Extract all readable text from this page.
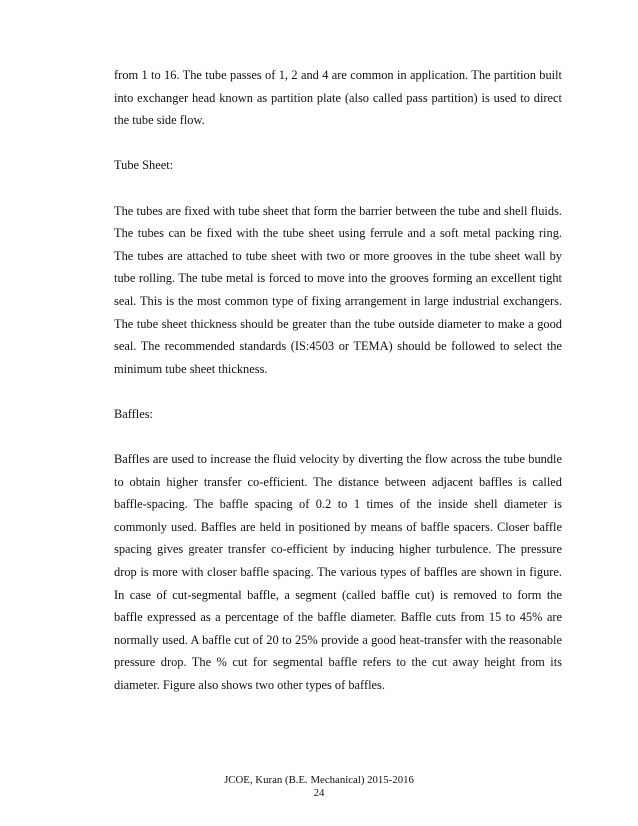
from 1 to 16. The tube passes of 1, 2 and 4 are common in application. The partition built
into exchanger head known as partition plate (also called pass partition) is used to direct
the tube side flow.

Tube Sheet:

The tubes are fixed with tube sheet that form the barrier between the tube and shell fluids.
The tubes can be fixed with the tube sheet using ferrule and a soft metal packing ring.
The tubes are attached to tube sheet with two or more grooves in the tube sheet wall by
tube rolling. The tube metal is forced to move into the grooves forming an excellent tight
seal. This is the most common type of fixing arrangement in large industrial exchangers.
The tube sheet thickness should be greater than the tube outside diameter to make a good
seal. The recommended standards (IS:4503 or TEMA) should be followed to select the
minimum tube sheet thickness.

Baffles:

Baffles are used to increase the fluid velocity by diverting the flow across the tube bundle
to obtain higher transfer co-efficient. The distance between adjacent baffles is called
baffle-spacing. The baffle spacing of 0.2 to 1 times of the inside shell diameter is
commonly used. Baffles are held in positioned by means of baffle spacers. Closer baffle
spacing gives greater transfer co-efficient by inducing higher turbulence. The pressure
drop is more with closer baffle spacing. The various types of baffles are shown in figure.
In case of cut-segmental baffle, a segment (called baffle cut) is removed to form the
baffle expressed as a percentage of the baffle diameter. Baffle cuts from 15 to 45% are
normally used. A baffle cut of 20 to 25% provide a good heat-transfer with the reasonable
pressure drop. The % cut for segmental baffle refers to the cut away height from its
diameter. Figure also shows two other types of baffles.
JCOE, Kuran (B.E. Mechanical) 2015-2016
24
